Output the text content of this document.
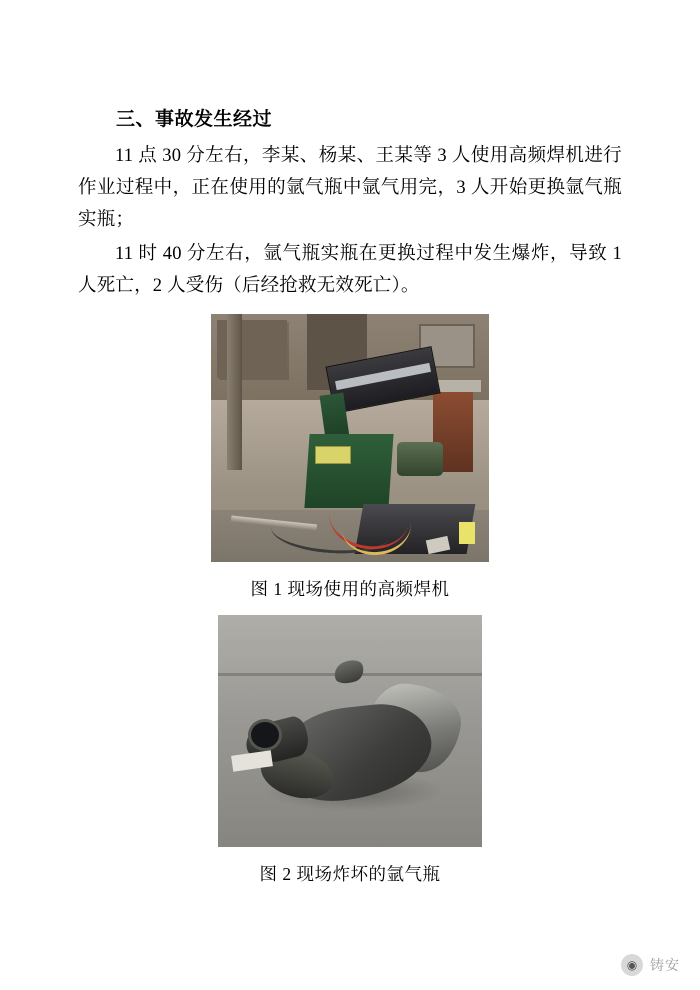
三、事故发生经过

11 点 30 分左右，李某、杨某、王某等 3 人使用高频焊机进行作业过程中，正在使用的氩气瓶中氩气用完，3 人开始更换氩气瓶实瓶；

11 时 40 分左右，氩气瓶实瓶在更换过程中发生爆炸，导致 1 人死亡，2 人受伤（后经抢救无效死亡）。

图 1 现场使用的高频焊机

图 2 现场炸坏的氩气瓶

◉ 铸安
